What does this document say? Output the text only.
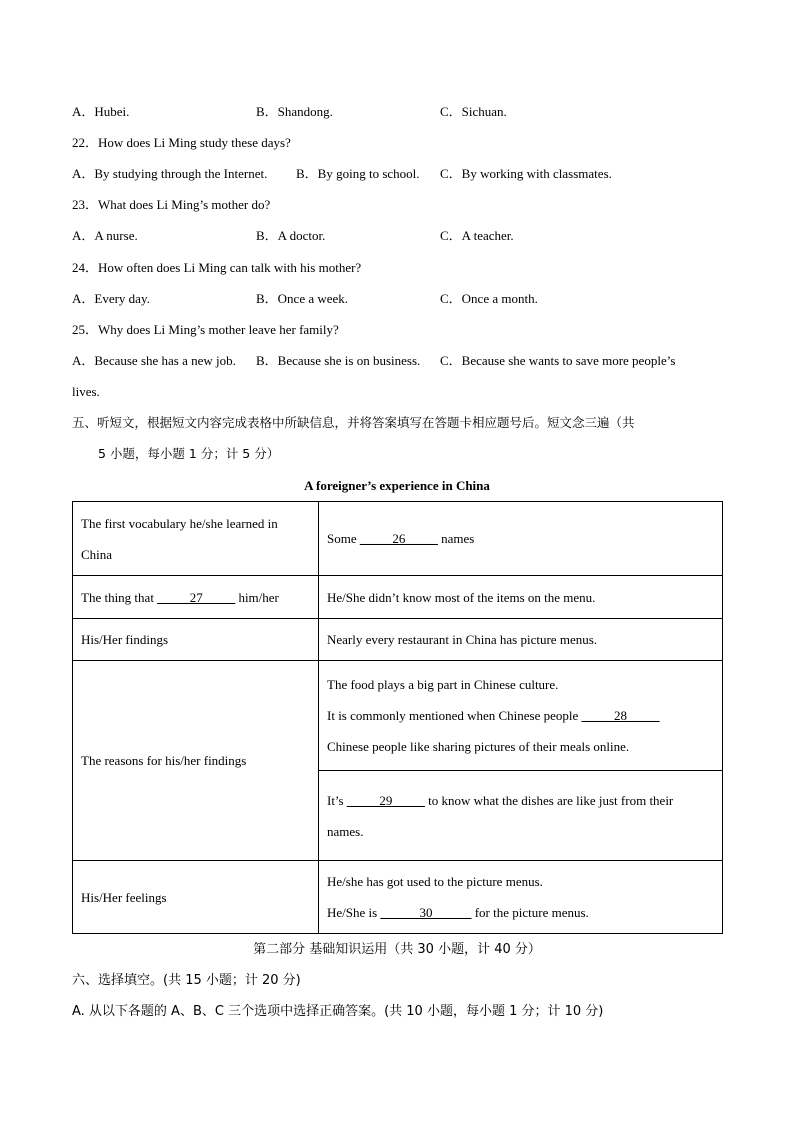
A．Hubei.	B．Shandong.	C．Sichuan.
22．How does Li Ming study these days?
A．By studying through the Internet. B．By going to school. C．By working with classmates.
23．What does Li Ming’s mother do?
A．A nurse.	B．A doctor.	C．A teacher.
24．How often does Li Ming can talk with his mother?
A．Every day.	B．Once a week.	C．Once a month.
25．Why does Li Ming’s mother leave her family?
A．Because she has a new job. B．Because she is on business. C．Because she wants to save more people’s
lives.
五、听短文，根据短文内容完成表格中所缺信息，并将答案填写在答题卡相应题号后。短文念三遍（共
5 小题，每小题 1 分；计 5 分）
A foreigner’s experience in China
The first vocabulary he/she learned in
China	Some _____26_____ names
The thing that _____27_____ him/her	He/She didn’t know most of the items on the menu.
His/Her findings	Nearly every restaurant in China has picture menus.
The reasons for his/her findings	The food plays a big part in Chinese culture.
It is commonly mentioned when Chinese people _____28_____
Chinese people like sharing pictures of their meals online.

	It’s _____29_____ to know what the dishes are like just from their
names.

His/Her feelings	He/she has got used to the picture menus.
He/She is ______30______ for the picture menus.
第二部分 基础知识运用（共 30 小题，计 40 分）
六、选择填空。(共 15 小题；计 20 分)
A. 从以下各题的 A、B、C 三个选项中选择正确答案。(共 10 小题，每小题 1 分；计 10 分)
